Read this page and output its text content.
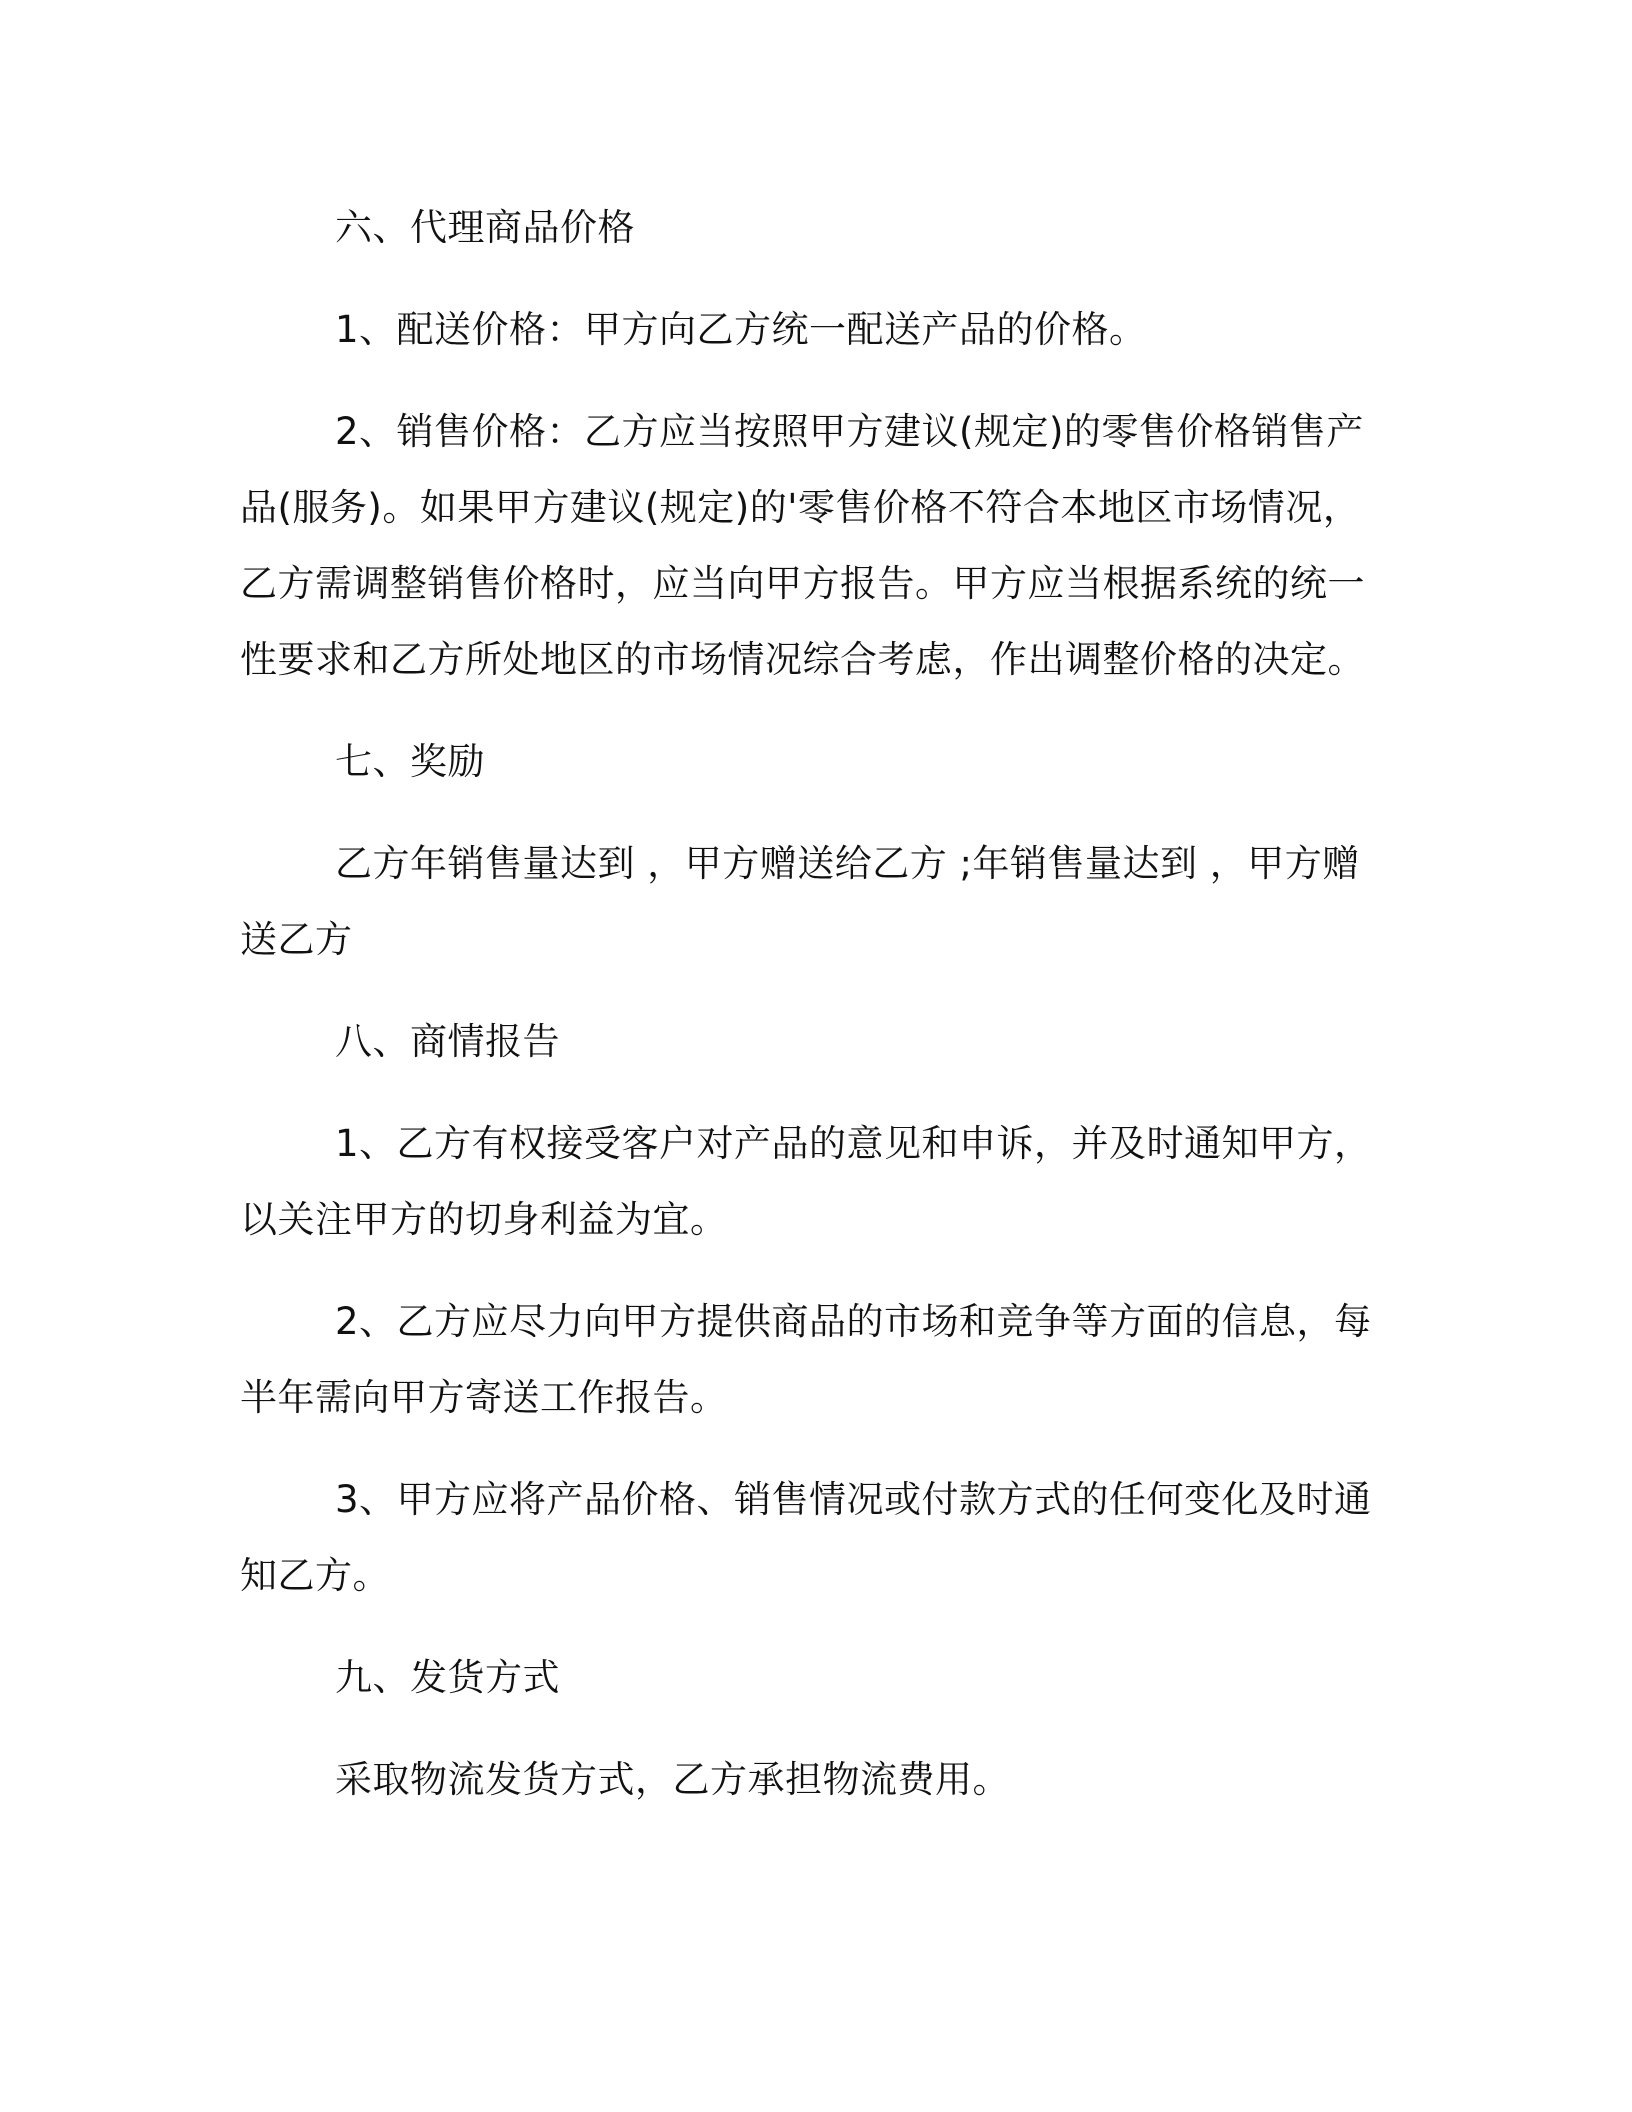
六、代理商品价格

1、配送价格：甲方向乙方统一配送产品的价格。

2、销售价格：乙方应当按照甲方建议(规定)的零售价格销售产品(服务)。如果甲方建议(规定)的'零售价格不符合本地区市场情况，乙方需调整销售价格时，应当向甲方报告。甲方应当根据系统的统一性要求和乙方所处地区的市场情况综合考虑，作出调整价格的决定。

七、奖励

乙方年销售量达到 ，甲方赠送给乙方 ;年销售量达到 ，甲方赠送乙方

八、商情报告

1、乙方有权接受客户对产品的意见和申诉，并及时通知甲方，以关注甲方的切身利益为宜。

2、乙方应尽力向甲方提供商品的市场和竞争等方面的信息，每半年需向甲方寄送工作报告。

3、甲方应将产品价格、销售情况或付款方式的任何变化及时通知乙方。

九、发货方式

采取物流发货方式，乙方承担物流费用。
